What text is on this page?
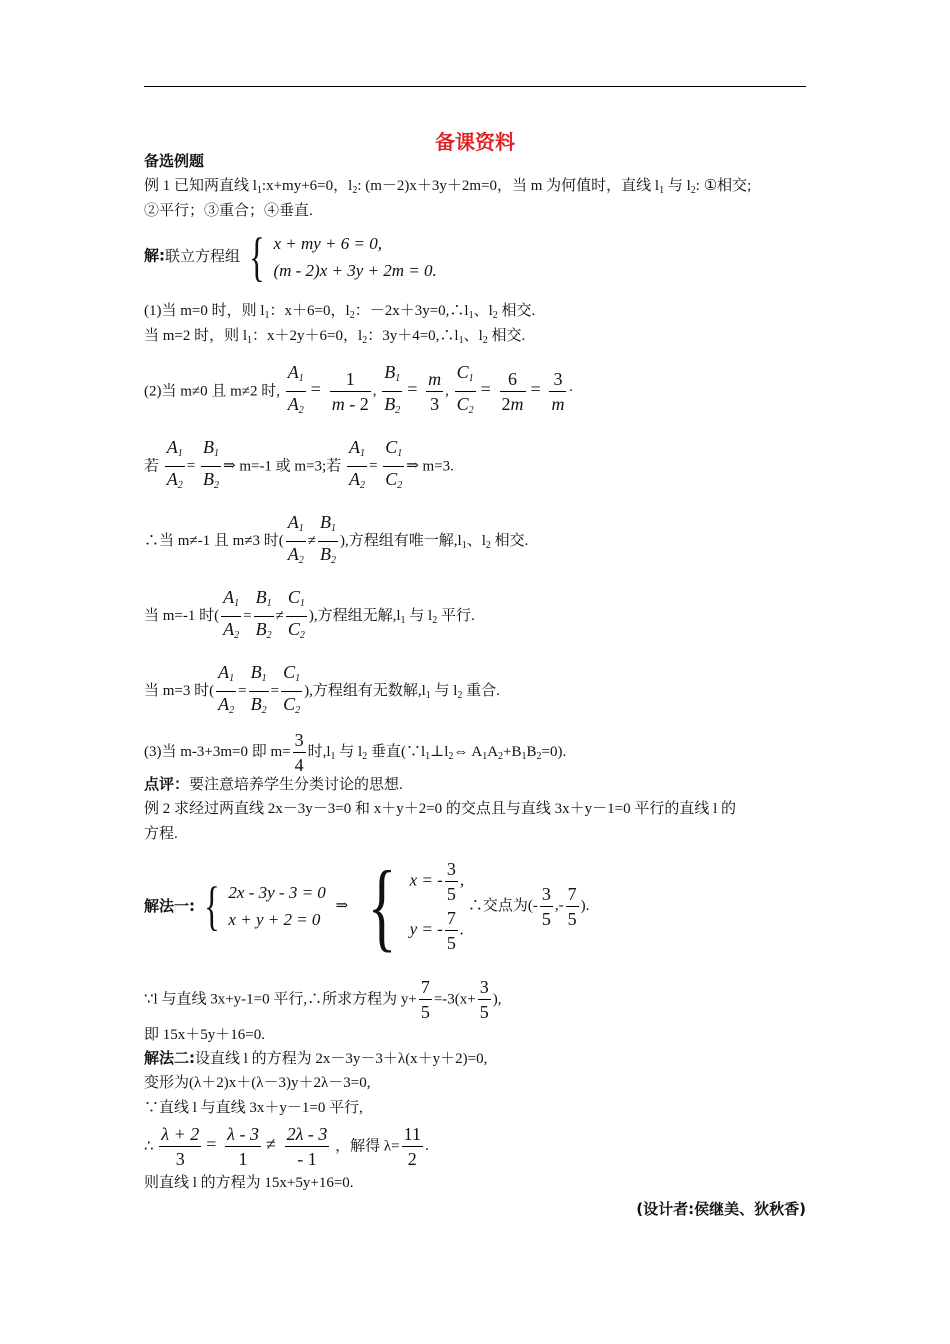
备课资料
备选例题
例 1 已知两直线 $l_1:x+my+6=0$，$l_2$: (m－2)x＋3y＋2m=0，当 m 为何值时，直线 $l_1$ 与 $l_2$: ①相交;
②平行；③重合；④垂直.
解:联立方程组 { x + my + 6 = 0,
(m - 2)x + 3y + 2m = 0.
(1)当 m=0 时，则 $l_1$：x＋6=0，$l_2$：$-2x+3y=0,\therefore l_1$、$l_2$ 相交.
当 m=2 时，则 $l_1$：x＋2y＋6=0，$l_2$：$3y+4=0,\therefore l_1$、$l_2$ 相交.
(2)当 m≠0 且 m≠2 时, $\frac{A_1}{A_2} = \frac{1}{m - 2}$ , $\frac{B_1}{B_2} = \frac{m}{3}$ , $\frac{C_1}{C_2} = \frac{6}{2m} = \frac{3}{m}$ ·
若 $\frac{A_1}{A_2} = \frac{B_1}{B_2}$ ⇒ m=-1 或 m=3;若 $\frac{A_1}{A_2} = \frac{C_1}{C_2}$ ⇒ m=3.
∴当 m≠-1 且 m≠3 时( $\frac{A_1}{A_2} \ne \frac{B_1}{B_2}$ ),方程组有唯一解$,l_1$、$l_2$ 相交.
当 m=-1 时( $\frac{A_1}{A_2} = \frac{B_1}{B_2} \ne \frac{C_1}{C_2}$ ),方程组无解$,l_1$ 与 $l_2$ 平行.
当 m=3 时( $\frac{A_1}{A_2} = \frac{B_1}{B_2} = \frac{C_1}{C_2}$ ),方程组有无数解$,l_1$ 与 $l_2$ 重合.
(3)当 m-3+3m=0 即 $m= \frac{3}{4}$ 时$,l_1$ 与 $l_2$ 垂直($\because l_1\perp l_2\Leftrightarrow$ $A_1A_2+B_1B_2=0$).
点评：要注意培养学生分类讨论的思想.
例 2 求经过两直线 2x－3y－3=0 和 x＋y＋2=0 的交点且与直线 3x＋y－1=0 平行的直线 l 的
方程.
解法一: { 2x - 3y - 3 = 0
x + y + 2 = 0
⇒ { x = - $\frac{3}{5}$ ,
y = - $\frac{7}{5}$ .
∴交点为(- $\frac{3}{5}$ ,- $\frac{7}{5}$ ).
∵l 与直线 3x+y-1=0 平行,∴所求方程为 $y+ \frac{7}{5} =-3(x+ \frac{3}{5}$ ),
即 15x＋5y＋16=0.
解法二:设直线 l 的方程为 2x－3y－3＋λ(x＋y＋2)=0,
变形为(λ＋2)x＋(λ－3)y＋2λ－3=0,
∵直线 l 与直线 3x＋y－1=0 平行,
∴ $\frac{\lambda + 2}{3} = \frac{\lambda - 3}{1} \ne \frac{2\lambda - 3}{- 1}$ ，解得 $\lambda= \frac{11}{2}$ .
则直线 l 的方程为 15x+5y+16=0.
(设计者:侯继美、狄秋香)
